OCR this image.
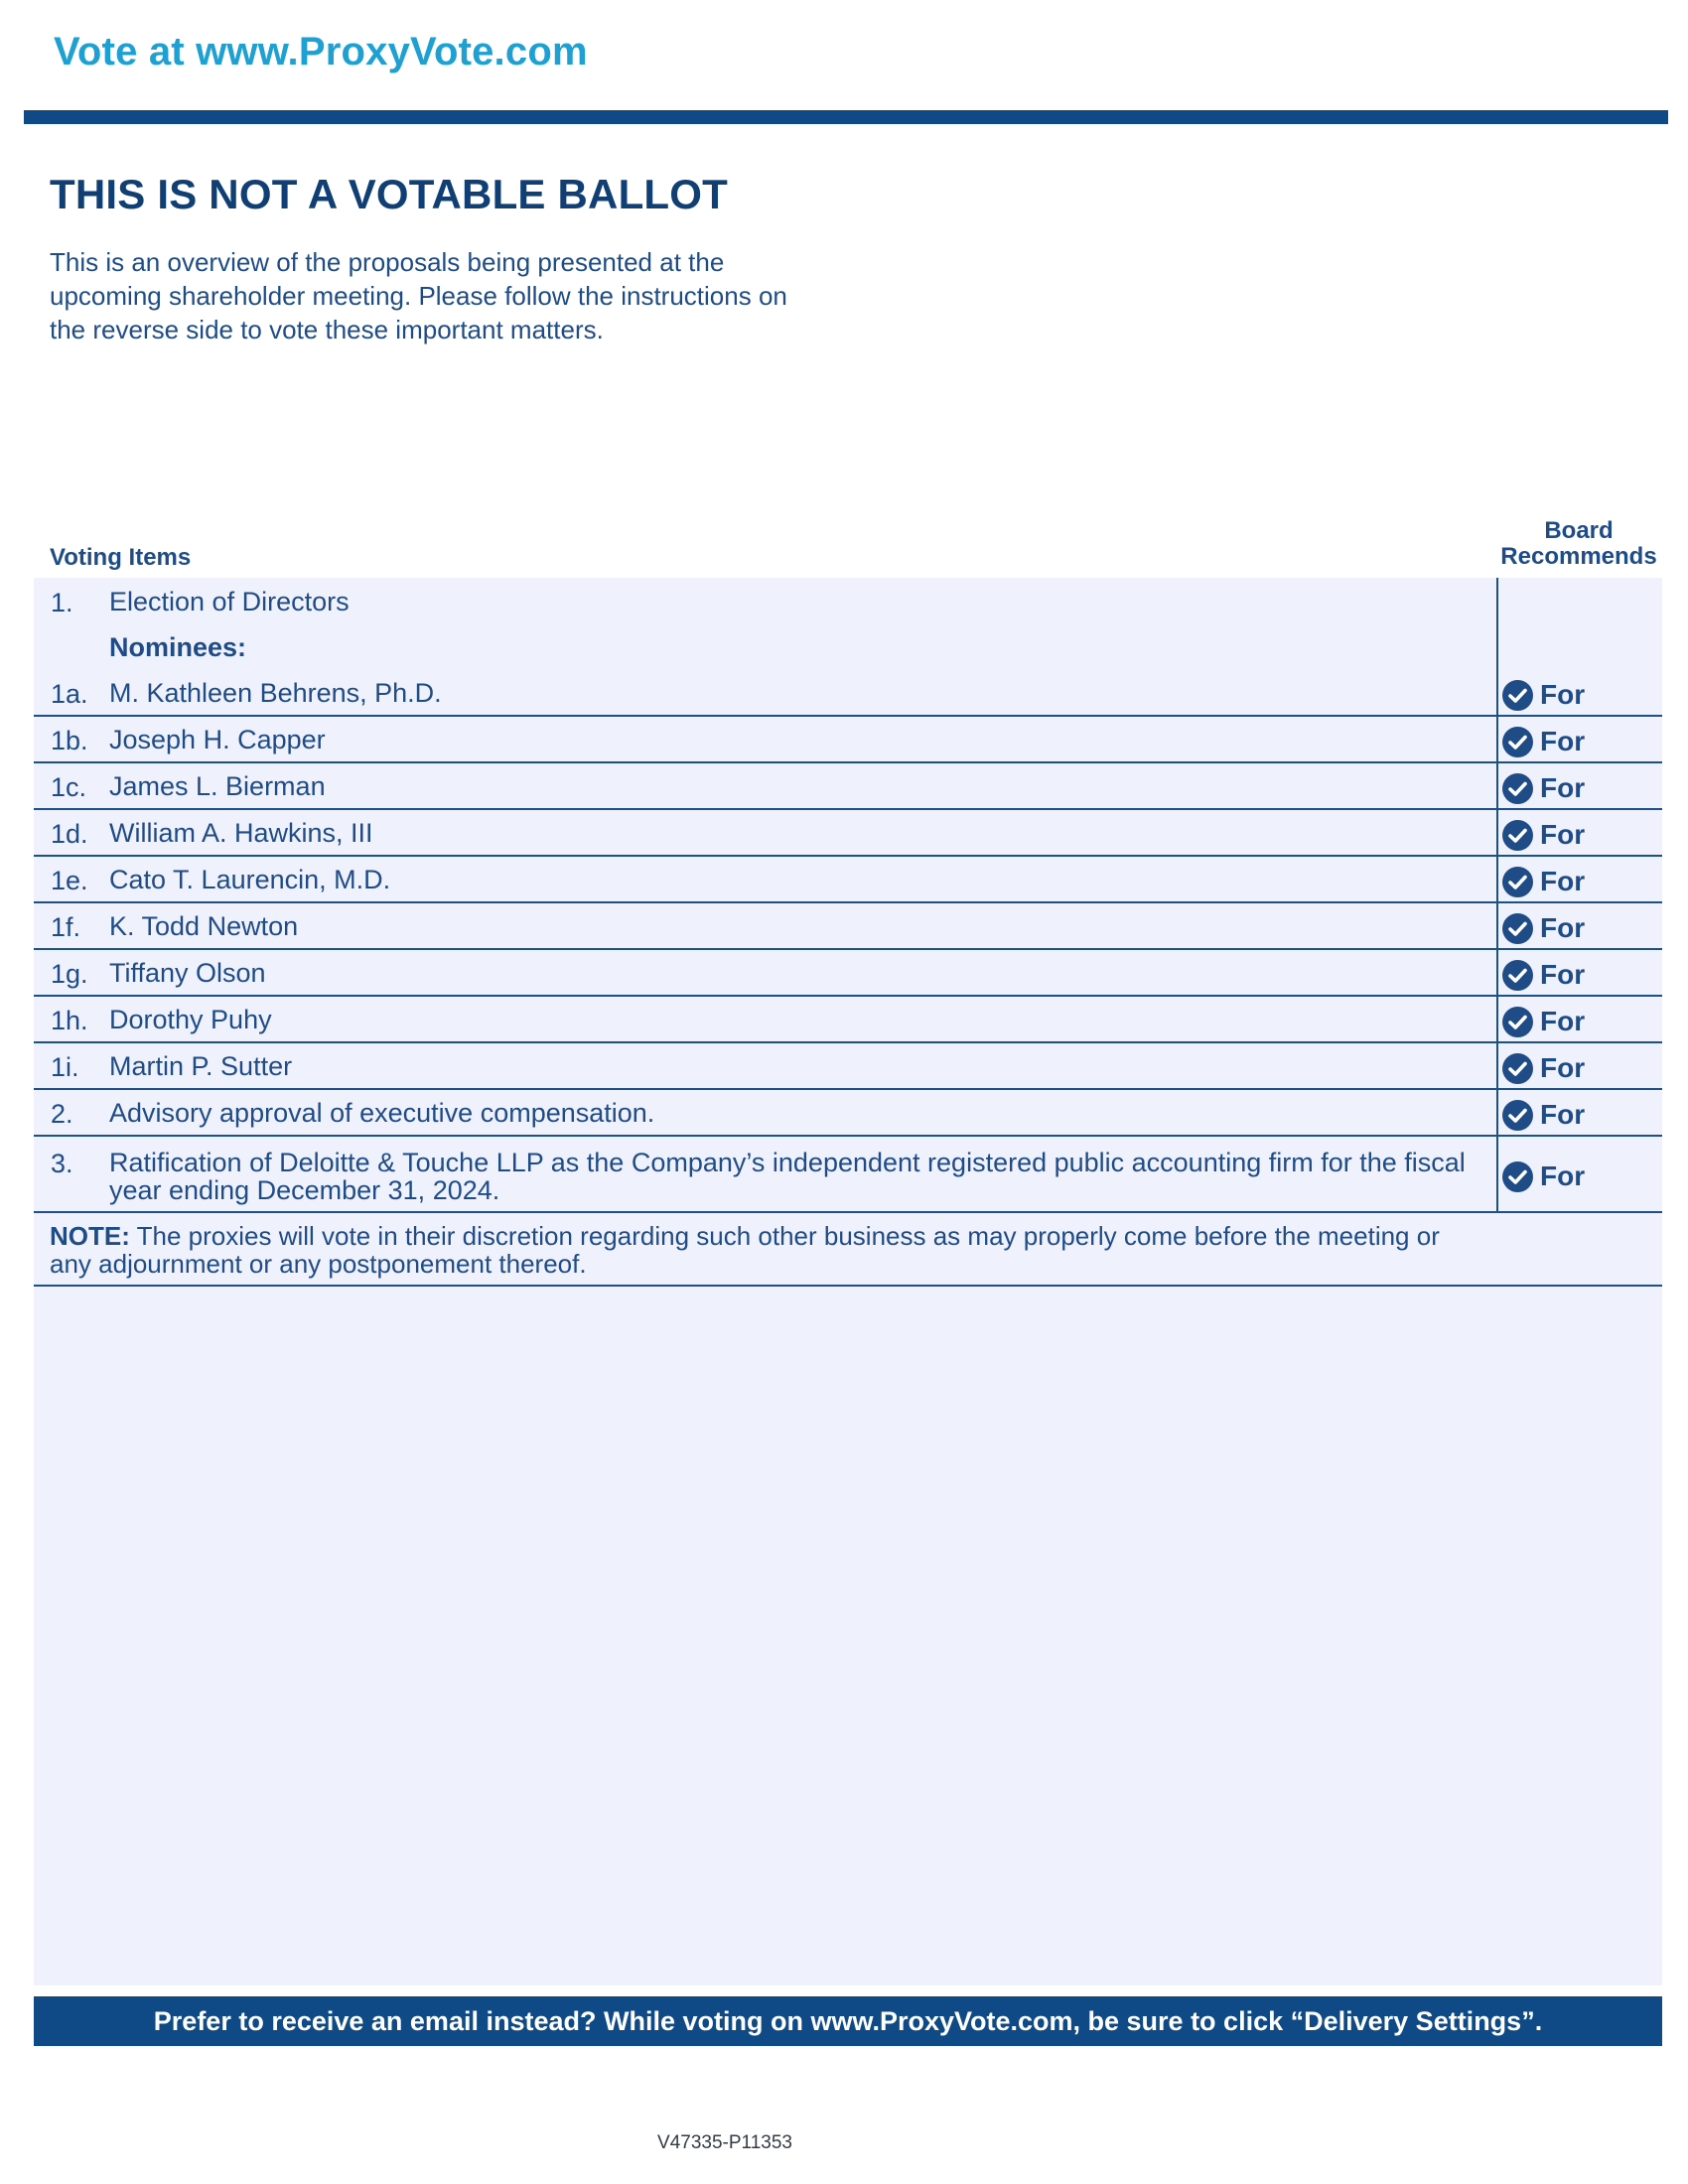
Vote at www.ProxyVote.com
THIS IS NOT A VOTABLE BALLOT
This is an overview of the proposals being presented at the
upcoming shareholder meeting. Please follow the instructions on
the reverse side to vote these important matters.
Voting Items
Board
Recommends
1. Election of Directors
Nominees:
1a. M. Kathleen Behrens, Ph.D.
1b. Joseph H. Capper
1c. James L. Bierman
1d. William A. Hawkins, III
1e. Cato T. Laurencin, M.D.
1f. K. Todd Newton
1g. Tiffany Olson
1h. Dorothy Puhy
1i. Martin P. Sutter
2. Advisory approval of executive compensation.
3. Ratification of Deloitte & Touche LLP as the Company’s independent registered public accounting firm for the fiscal
year ending December 31, 2024.
For
For
For
For
For
For
For
For
For
For
For
NOTE: The proxies will vote in their discretion regarding such other business as may properly come before the meeting or
any adjournment or any postponement thereof.
Prefer to receive an email instead? While voting on www.ProxyVote.com, be sure to click “Delivery Settings”.
V47335-P11353
